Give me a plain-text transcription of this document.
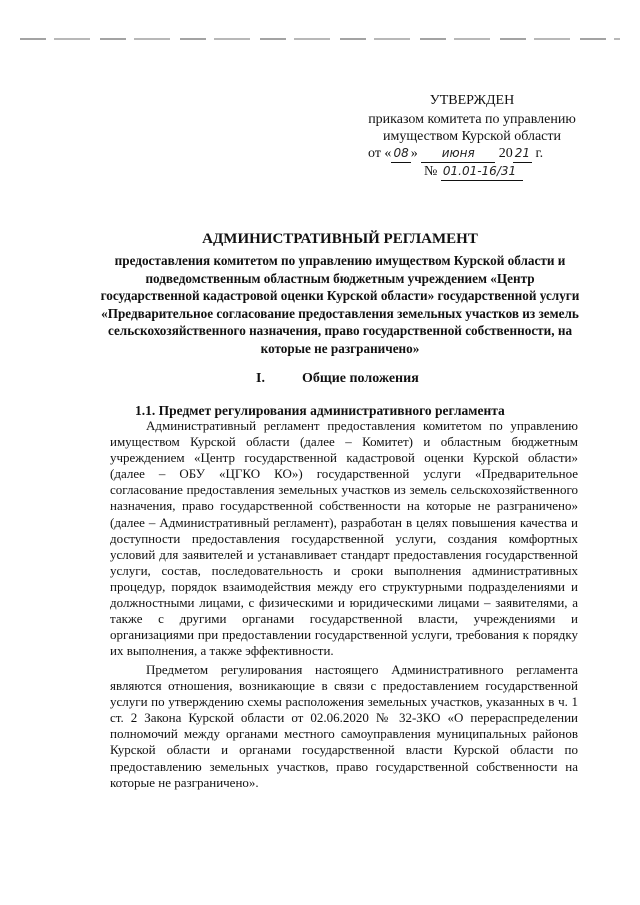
УТВЕРЖДЕН
приказом комитета по управлению
имуществом Курской области
от « 08 » июня 20 21 г.
№ 01.01-16/31
АДМИНИСТРАТИВНЫЙ РЕГЛАМЕНТ
предоставления комитетом по управлению имуществом Курской области и подведомственным областным бюджетным учреждением «Центр государственной кадастровой оценки Курской области» государственной услуги «Предварительное согласование предоставления земельных участков из земель сельскохозяйственного назначения, право государственной собственности, на которые не разграничено»
I.	Общие положения
1.1. Предмет регулирования административного регламента

Административный регламент предоставления комитетом по управлению имуществом Курской области (далее – Комитет) и областным бюджетным учреждением «Центр государственной кадастровой оценки Курской области» (далее – ОБУ «ЦГКО КО») государственной услуги «Предварительное согласование предоставления земельных участков из земель сельскохозяйственного назначения, право государственной собственности на которые не разграничено» (далее – Административный регламент), разработан в целях повышения качества и доступности предоставления государственной услуги, создания комфортных условий для заявителей и устанавливает стандарт предоставления государственной услуги, состав, последовательность и сроки выполнения административных процедур, порядок взаимодействия между его структурными подразделениями и должностными лицами, с физическими и юридическими лицами – заявителями, а также с другими органами государственной власти, учреждениями и организациями при предоставлении государственной услуги, требования к порядку их выполнения, а также эффективности.

Предметом регулирования настоящего Административного регламента являются отношения, возникающие в связи с предоставлением государственной услуги по утверждению схемы расположения земельных участков, указанных в ч. 1 ст. 2 Закона Курской области от 02.06.2020 № 32-ЗКО «О перераспределении полномочий между органами местного самоуправления муниципальных районов Курской области и органами государственной власти Курской области по предоставлению земельных участков, право государственной собственности на которые не разграничено».
